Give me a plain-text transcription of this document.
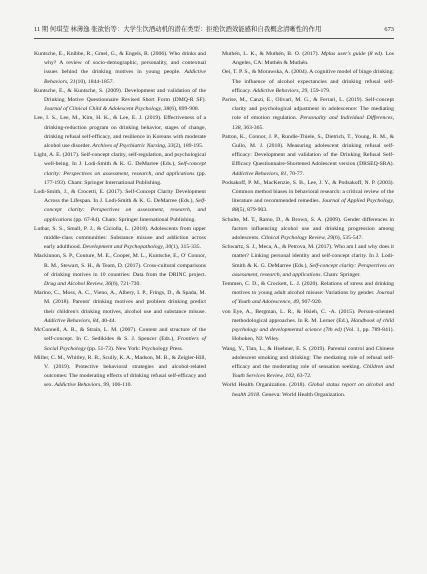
11 期 何琪莹 林薄逸 张欲怡等：大学生饮酒动机的潜在类型：拒绝饮酒效能感和自我概念清晰性的作用	673

Kuntsche, E., Knibbe, R., Gmel, G., & Engels, R. (2006). Who drinks and why? A review of socio-demographic, personality, and contextual issues behind the drinking motives in young people. Addictive Behaviors, 31(10), 1844-1857.

Kuntsche, E., & Kuntsche, S. (2009). Development and validation of the Drinking Motive Questionnaire Revised Short Form (DMQ-R SF). Journal of Clinical Child & Adolescent Psychology, 38(6), 899-908.

Lee, I. S., Lee, M., Kim, H. K., & Lee, E. J. (2019). Effectiveness of a drinking-reduction program on drinking behavior, stages of change, drinking refusal self-efficacy, and resilience in Koreans with moderate alcohol use disorder. Archives of Psychiatric Nursing, 33(2), 189-195.

Light, A. E. (2017). Self-concept clarity, self-regulation, and psychological well-being. In J. Lodi-Smith & K. G. DeMarree (Eds.), Self-concept clarity: Perspectives on assessment, research, and applications (pp. 177-193). Cham: Springer International Publishing.

Lodi-Smith, J., & Crocetti, E. (2017). Self-Concept Clarity Development Across the Lifespan. In J. Lodi-Smith & K. G. DeMarree (Eds.), Self-concept clarity: Perspectives on assessment, research, and applications (pp. 67-84). Cham: Springer International Publishing.

Luthar, S. S., Small, P. J., & Ciciolla, L. (2018). Adolescents from upper middle-class communities: Substance misuse and addiction across early adulthood. Development and Psychopathology, 30(1), 315-335.

Mackinnon, S. P., Couture, M. E., Cooper, M. L., Kuntsche, E., O' Connor, R. M., Stewart, S. H., & Team, D. (2017). Cross-cultural comparisons of drinking motives in 10 countries: Data from the DRINC project. Drug and Alcohol Review, 36(6), 721-730.

Marino, C., Moss, A. C., Vieno, A., Albery, I. P., Frings, D., & Spada, M. M. (2018). Parents' drinking motives and problem drinking predict their children's drinking motives, alcohol use and substance misuse. Addictive Behaviors, 84, 40-44.

McConnell, A. R., & Strain, L. M. (2007). Content and structure of the self-concept. In C. Sedikides & S. J. Spencer (Eds.), Frontiers of Social Psychology (pp. 51-73). New York: Psychology Press.

Miller, C. M., Whitley, R. B., Scully, K. A., Madson, M. B., & Zeigler-Hill, V. (2019). Protective behavioral strategies and alcohol-related outcomes: The moderating effects of drinking refusal self-efficacy and sex. Addictive Behaviors, 99, 106-110.

Muthén, L. K., & Muthén, B. O. (2017). Mplus user's guide (8 ed). Los Angeles, CA: Muthén & Muthén.

Oei, T. P. S., & Morawska, A. (2004). A cognitive model of binge drinking: The influence of alcohol expectancies and drinking refusal self-efficacy. Addictive Behaviors, 29, 159-179.

Parise, M., Canzi, E., Olivari, M. G., & Ferrari, L. (2019). Self-concept clarity and psychological adjustment in adolescence: The mediating role of emotion regulation. Personality and Individual Differences, 138, 363-365.

Patton, K., Connor, J. P., Rundle-Thiele, S., Dietrich, T., Young, R. M., & Gullo, M. J. (2018). Measuring adolescent drinking refusal self-efficacy: Development and validation of the Drinking Refusal Self-Efficacy Questionnaire-Shortened Adolescent version (DRSEQ-SRA). Addictive Behaviors, 81, 70-77.

Podsakoff, P. M., MacKenzie, S. B., Lee, J. Y., & Podsakoff, N. P. (2003). Common method biases in behavioral research: a critical review of the literature and recommended remedies. Journal of Applied Psychology, 88(5), 879-903.

Schulte, M. T., Ramo, D., & Brown, S. A. (2009). Gender differences in factors influencing alcohol use and drinking progression among adolescents. Clinical Psychology Review, 29(6), 535-547.

Schwartz, S. J., Meca, A., & Petrova, M. (2017). Who am I and why does it matter? Linking personal identity and self-concept clarity. In J. Lodi-Smith & K. G. DeMarree (Eds.), Self-concept clarity: Perspectives on assessment, research, and applications. Cham: Springer.

Temmen, C. D., & Crockett, L. J. (2020). Relations of stress and drinking motives to young adult alcohol misuse: Variations by gender. Journal of Youth and Adolescence, 49, 907-920.

von Eye, A., Bergman, L. R., & Hsieh, C. -A. (2015). Person-oriented methodological approaches. In R. M. Lerner (Ed.), Handbook of child psychology and developmental science (7th ed) (Vol. 1, pp. 789-841). Hoboken, NJ: Wiley.

Wang, Y., Tian, L., & Huebner, E. S. (2019). Parental control and Chinese adolescent smoking and drinking: The mediating role of refusal self-efficacy and the moderating role of sensation seeking. Children and Youth Services Review, 102, 63-72.

World Health Organization. (2018). Global status report on alcohol and health 2018. Geneva: World Health Organization.
